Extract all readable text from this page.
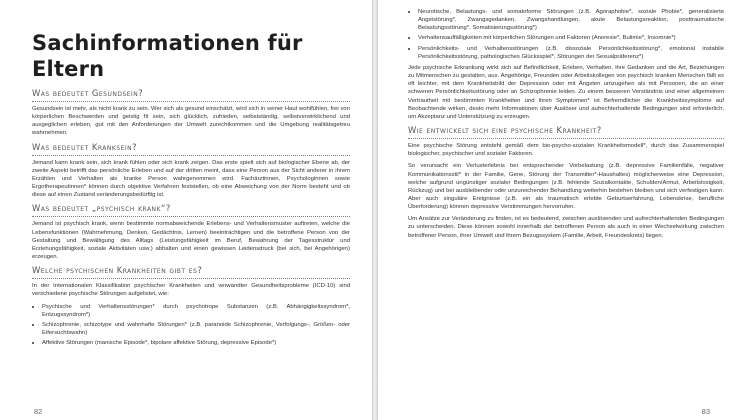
Sachinformationen für Eltern
Was bedeutet Gesundsein?

Gesundsein ist mehr, als nicht krank zu sein. Wer sich als gesund einschätzt, wird sich in seiner Haut wohlfühlen, frei von körperlichen Beschwerden und geistig fit sein, sich glücklich, zufrieden, selbstständig, selbstverwirklichend und ausgeglichen erleben, gut mit den Anforderungen der Umwelt zurechtkommen und die Umgebung realitätsgetreu wahrnehmen.

Was bedeutet Kranksein?

Jemand kann krank sein, sich krank fühlen oder sich krank zeigen. Das erste spielt sich auf biologischer Ebene ab, der zweite Aspekt betrifft das persönliche Erleben und auf der dritten meint, dass eine Person aus der Sicht anderer in ihrem Erzählen und Verhalten als kranke Person wahrgenommen wird. Fachärztinnen, Psychologinnen sowie Ergotherapeutinnen* können durch objektive Verfahren feststellen, ob eine Abweichung von der Norm besteht und ob diese auf einen Zustand veränderungsbedürftig ist.

Was bedeutet „psychisch krank“?

Jemand ist psychisch krank, wenn bestimmte normabweichende Erlebens- und Verhaltensmuster auftreten, welche die Lebensfunktionen (Wahrnehmung, Denken, Gedächtnis, Lernen) beeinträchtigen und die betroffene Person von der Gestaltung und Bewältigung des Alltags (Leistungsfähigkeit im Beruf, Bewahrung der Tagesstruktur und Erziehungsfähigkeit, soziale Aktivitäten usw.) abhalten und einen gewissen Leidensdruck (bei sich, bei Angehörigen) erzeugen.

Welche psychischen Krankheiten gibt es?

In der Internationalen Klassifikation psychischer Krankheiten und verwandter Gesundheitsprobleme (ICD-10) sind verschiedene psychische Störungen aufgelistet, wie:

• Psychische und Verhaltensstörungen* durch psychotrope Substanzen (z.B. Abhängigkeitssyndrom*, Entzugssyndrom*)
• Schizophrenie, schizotype und wahnhafte Störungen* (z.B. paranoide Schizophrenie, Verfolgungs-, Größen- oder Eifersuchtswahn)
• Affektive Störungen (manische Episode*, bipolare affektive Störung, depressive Episode*)
82
• Neurotische, Belastungs- und somatoforme Störungen (z.B. Agoraphobie*, soziale Phobie*, generalisierte Angststörung*, Zwangsgedanken, Zwangshandlungen, akute Belastungsreaktion, posttraumatische Belastungsstörung*, Somatisierungsstörung*)
• Verhaltensauffälligkeiten mit körperlichen Störungen und Faktoren (Anorexie*, Bulimie*, Insomnie*)
• Persönlichkeits- und Verhaltensstörungen (z.B. dissoziale Persönlichkeitsstörung*, emotional instabile Persönlichkeitsstörung, pathologisches Glücksspiel*, Störungen der Sexualpräferenz*)

Jede psychische Erkrankung wirkt sich auf Befindlichkeit, Erleben, Verhalten, ihre Gedanken und die Art, Beziehungen zu Mitmenschen zu gestalten, aus. Angehörige, Freunden oder Arbeitskollegen von psychisch kranken Menschen fällt es oft leichter, mit dem Krankheitsbild der Depression oder mit Ängsten umzugehen als mit Personen, die an einer schweren Persönlichkeitsstörung oder an Schizophrenie leiden. Zu einem besseren Verständnis und einer allgemeinen Vertrautheit mit bestimmten Krankheiten und ihren Symptomen* ist Befremdlicher die Krankheitssymptome auf Beobachtende wirken, desto mehr Informationen über Auslöser und aufrechterhaltende Bedingungen sind erforderlich, um Akzeptanz und Unterstützung zu erzeugen.

Wie entwickelt sich eine psychische Krankheit?

Eine psychische Störung entsteht gemäß dem bio-psycho-sozialen Krankheitsmodell*, durch das Zusammenspiel biologischer, psychischer und sozialer Faktoren.

So verursacht ein Verlusterlebnis bei entsprechender Vorbelastung (z.B. depressive Familienfälle, negativer Kommunikationsstil* in der Familie, Gene, Störung der Transmitter*-Haushaltes) möglicherweise eine Depression, welche aufgrund ungünstiger sozialer Bedingungen (z.B. fehlende Sozialkontakte, Schulden/Armut, Arbeitslosigkeit, Rückzug) und bei ausbleibender oder unzureichender Behandlung weiterhin bestehen bleiben und sich verfestigen kann. Aber auch singuläre Ereignisse (z.B. ein als traumatisch erlebte Geburtserfahrung, Lebenskrise, berufliche Überforderung) können depressive Verstimmungen hervorrufen.

Um Ansätze zur Veränderung zu finden, ist es bedeutend, zwischen auslösenden und aufrechterhaltenden Bedingungen zu unterscheiden. Diese können sowohl innerhalb der betroffenen Person als auch in einer Wechselwirkung zwischen betroffener Person, ihrer Umwelt und ihrem Bezugssystem (Familie, Arbeit, Freundeskreis) liegen.

83
